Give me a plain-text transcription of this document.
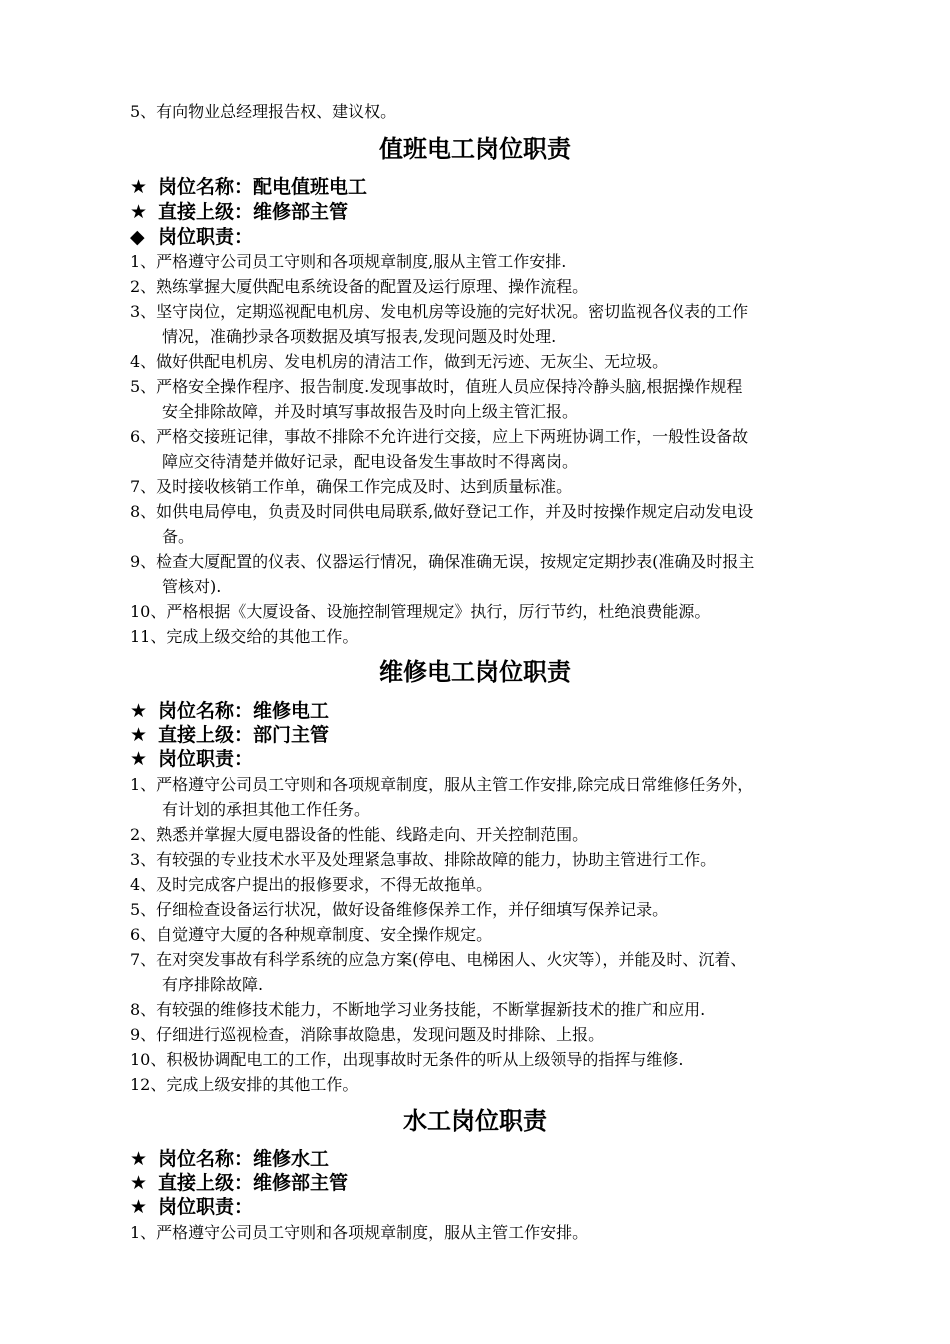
5、有向物业总经理报告权、建议权。
值班电工岗位职责
★ 岗位名称：配电值班电工
★ 直接上级：维修部主管
◆ 岗位职责：
1、严格遵守公司员工守则和各项规章制度,服从主管工作安排.
2、熟练掌握大厦供配电系统设备的配置及运行原理、操作流程。
3、坚守岗位，定期巡视配电机房、发电机房等设施的完好状况。密切监视各仪表的工作
情况，准确抄录各项数据及填写报表,发现问题及时处理.
4、做好供配电机房、发电机房的清洁工作，做到无污迹、无灰尘、无垃圾。
5、严格安全操作程序、报告制度.发现事故时，值班人员应保持冷静头脑,根据操作规程
安全排除故障，并及时填写事故报告及时向上级主管汇报。
6、严格交接班记律，事故不排除不允许进行交接，应上下两班协调工作，一般性设备故
障应交待清楚并做好记录，配电设备发生事故时不得离岗。
7、及时接收核销工作单，确保工作完成及时、达到质量标准。
8、如供电局停电，负责及时同供电局联系,做好登记工作，并及时按操作规定启动发电设
备。
9、检查大厦配置的仪表、仪器运行情况，确保准确无误，按规定定期抄表(准确及时报主
管核对).
10、严格根据《大厦设备、设施控制管理规定》执行，厉行节约，杜绝浪费能源。
11、完成上级交给的其他工作。
维修电工岗位职责
★ 岗位名称：维修电工
★ 直接上级：部门主管
★ 岗位职责：
1、严格遵守公司员工守则和各项规章制度，服从主管工作安排,除完成日常维修任务外，
有计划的承担其他工作任务。
2、熟悉并掌握大厦电器设备的性能、线路走向、开关控制范围。
3、有较强的专业技术水平及处理紧急事故、排除故障的能力，协助主管进行工作。
4、及时完成客户提出的报修要求，不得无故拖单。
5、仔细检查设备运行状况，做好设备维修保养工作，并仔细填写保养记录。
6、自觉遵守大厦的各种规章制度、安全操作规定。
7、在对突发事故有科学系统的应急方案(停电、电梯困人、火灾等），并能及时、沉着、
有序排除故障.
8、有较强的维修技术能力，不断地学习业务技能，不断掌握新技术的推广和应用.
9、仔细进行巡视检查，消除事故隐患，发现问题及时排除、上报。
10、积极协调配电工的工作，出现事故时无条件的听从上级领导的指挥与维修.
12、完成上级安排的其他工作。
水工岗位职责
★ 岗位名称：维修水工
★ 直接上级：维修部主管
★ 岗位职责：
1、严格遵守公司员工守则和各项规章制度，服从主管工作安排。
